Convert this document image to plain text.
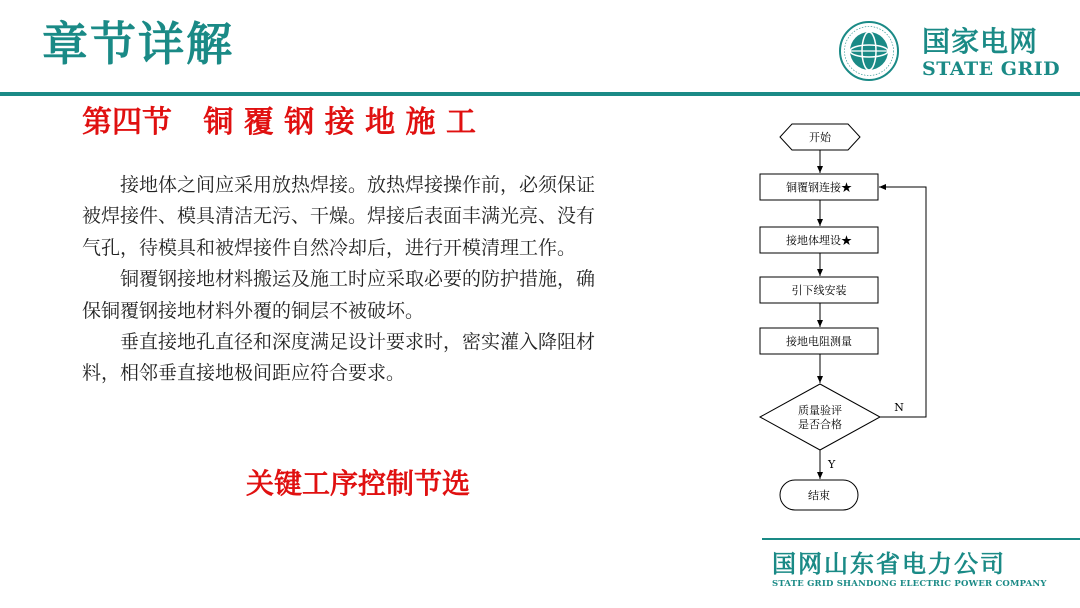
章节详解	国家电网
STATE GRID
第四节   铜 覆 钢 接 地 施 工

接地体之间应采用放热焊接。放热焊接操作前，必须保证被焊接件、模具清洁无污、干燥。焊接后表面丰满光亮、没有气孔，待模具和被焊接件自然冷却后，进行开模清理工作。

铜覆钢接地材料搬运及施工时应采取必要的防护措施，确保铜覆钢接地材料外覆的铜层不被破坏。

垂直接地孔直径和深度满足设计要求时，密实灌入降阻材料，相邻垂直接地极间距应符合要求。

关键工序控制节选
开始
铜覆钢连接★
接地体埋设★
引下线安装
接地电阻测量
质量验评
是否合格
N
Y
结束
国网山东省电力公司
STATE GRID SHANDONG ELECTRIC POWER COMPANY
